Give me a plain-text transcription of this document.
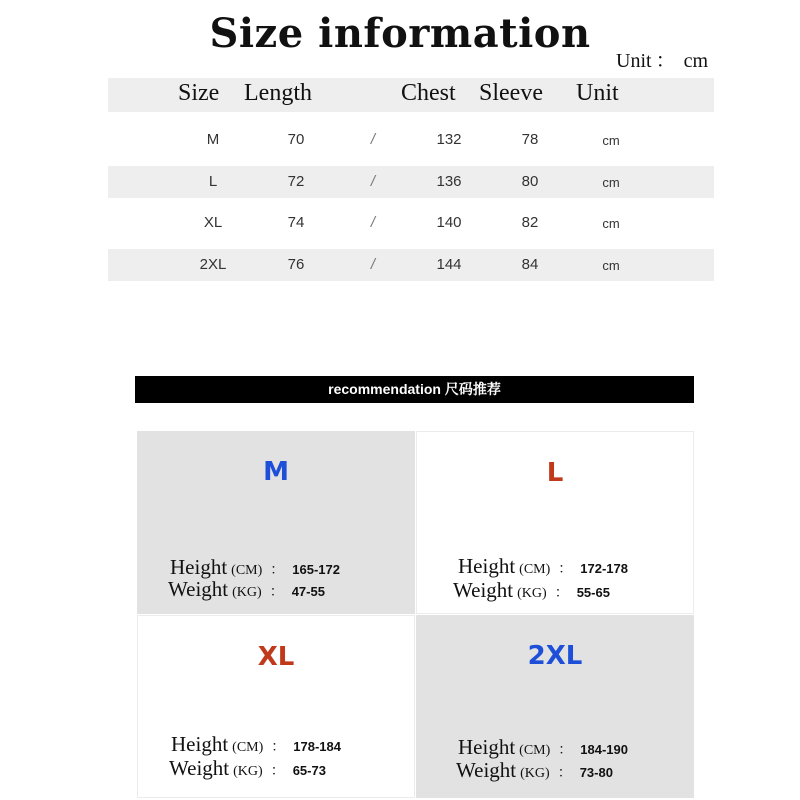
Size information
Unit ： cm
Size Length	Chest Sleeve Unit
M	70	/	132	78	cm
L	72	/	136	80	cm
XL	74	/	140	82	cm
2XL	76	/	144	84	cm
recommendation 尺码推荐
M
Height (CM) ： 165-172
Weight (KG) ： 47-55
L
Height (CM) ： 172-178
Weight (KG) ： 55-65
XL
Height (CM) ： 178-184
Weight (KG) ： 65-73
2XL
Height (CM) ： 184-190
Weight (KG) ： 73-80
